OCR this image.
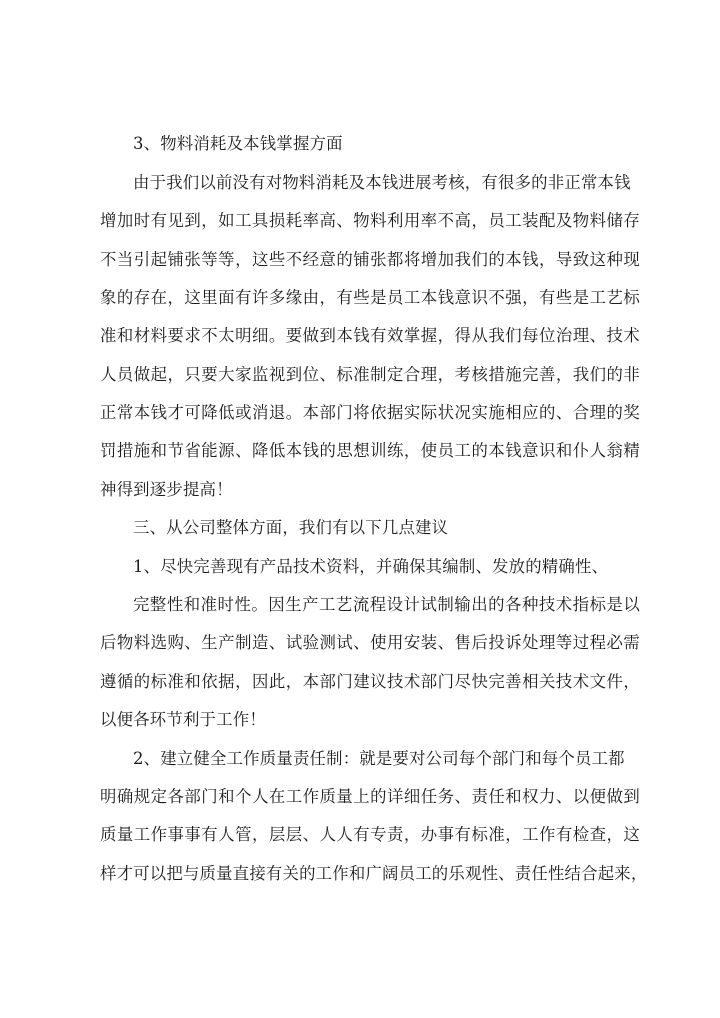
3、物料消耗及本钱掌握方面

由于我们以前没有对物料消耗及本钱进展考核，有很多的非正常本钱

增加时有见到，如工具损耗率高、物料利用率不高，员工装配及物料储存

不当引起铺张等等，这些不经意的铺张都将增加我们的本钱，导致这种现

象的存在，这里面有许多缘由，有些是员工本钱意识不强，有些是工艺标

准和材料要求不太明细。要做到本钱有效掌握，得从我们每位治理、技术

人员做起，只要大家监视到位、标准制定合理，考核措施完善，我们的非

正常本钱才可降低或消退。本部门将依据实际状况实施相应的、合理的奖

罚措施和节省能源、降低本钱的思想训练，使员工的本钱意识和仆人翁精

神得到逐步提高！

三、从公司整体方面，我们有以下几点建议

1、尽快完善现有产品技术资料，并确保其编制、发放的精确性、

完整性和准时性。因生产工艺流程设计试制输出的各种技术指标是以

后物料选购、生产制造、试验测试、使用安装、售后投诉处理等过程必需

遵循的标准和依据，因此，本部门建议技术部门尽快完善相关技术文件，

以便各环节利于工作！

2、建立健全工作质量责任制：就是要对公司每个部门和每个员工都

明确规定各部门和个人在工作质量上的详细任务、责任和权力、以便做到

质量工作事事有人管，层层、人人有专责，办事有标准，工作有检查，这

样才可以把与质量直接有关的工作和广阔员工的乐观性、责任性结合起来，
